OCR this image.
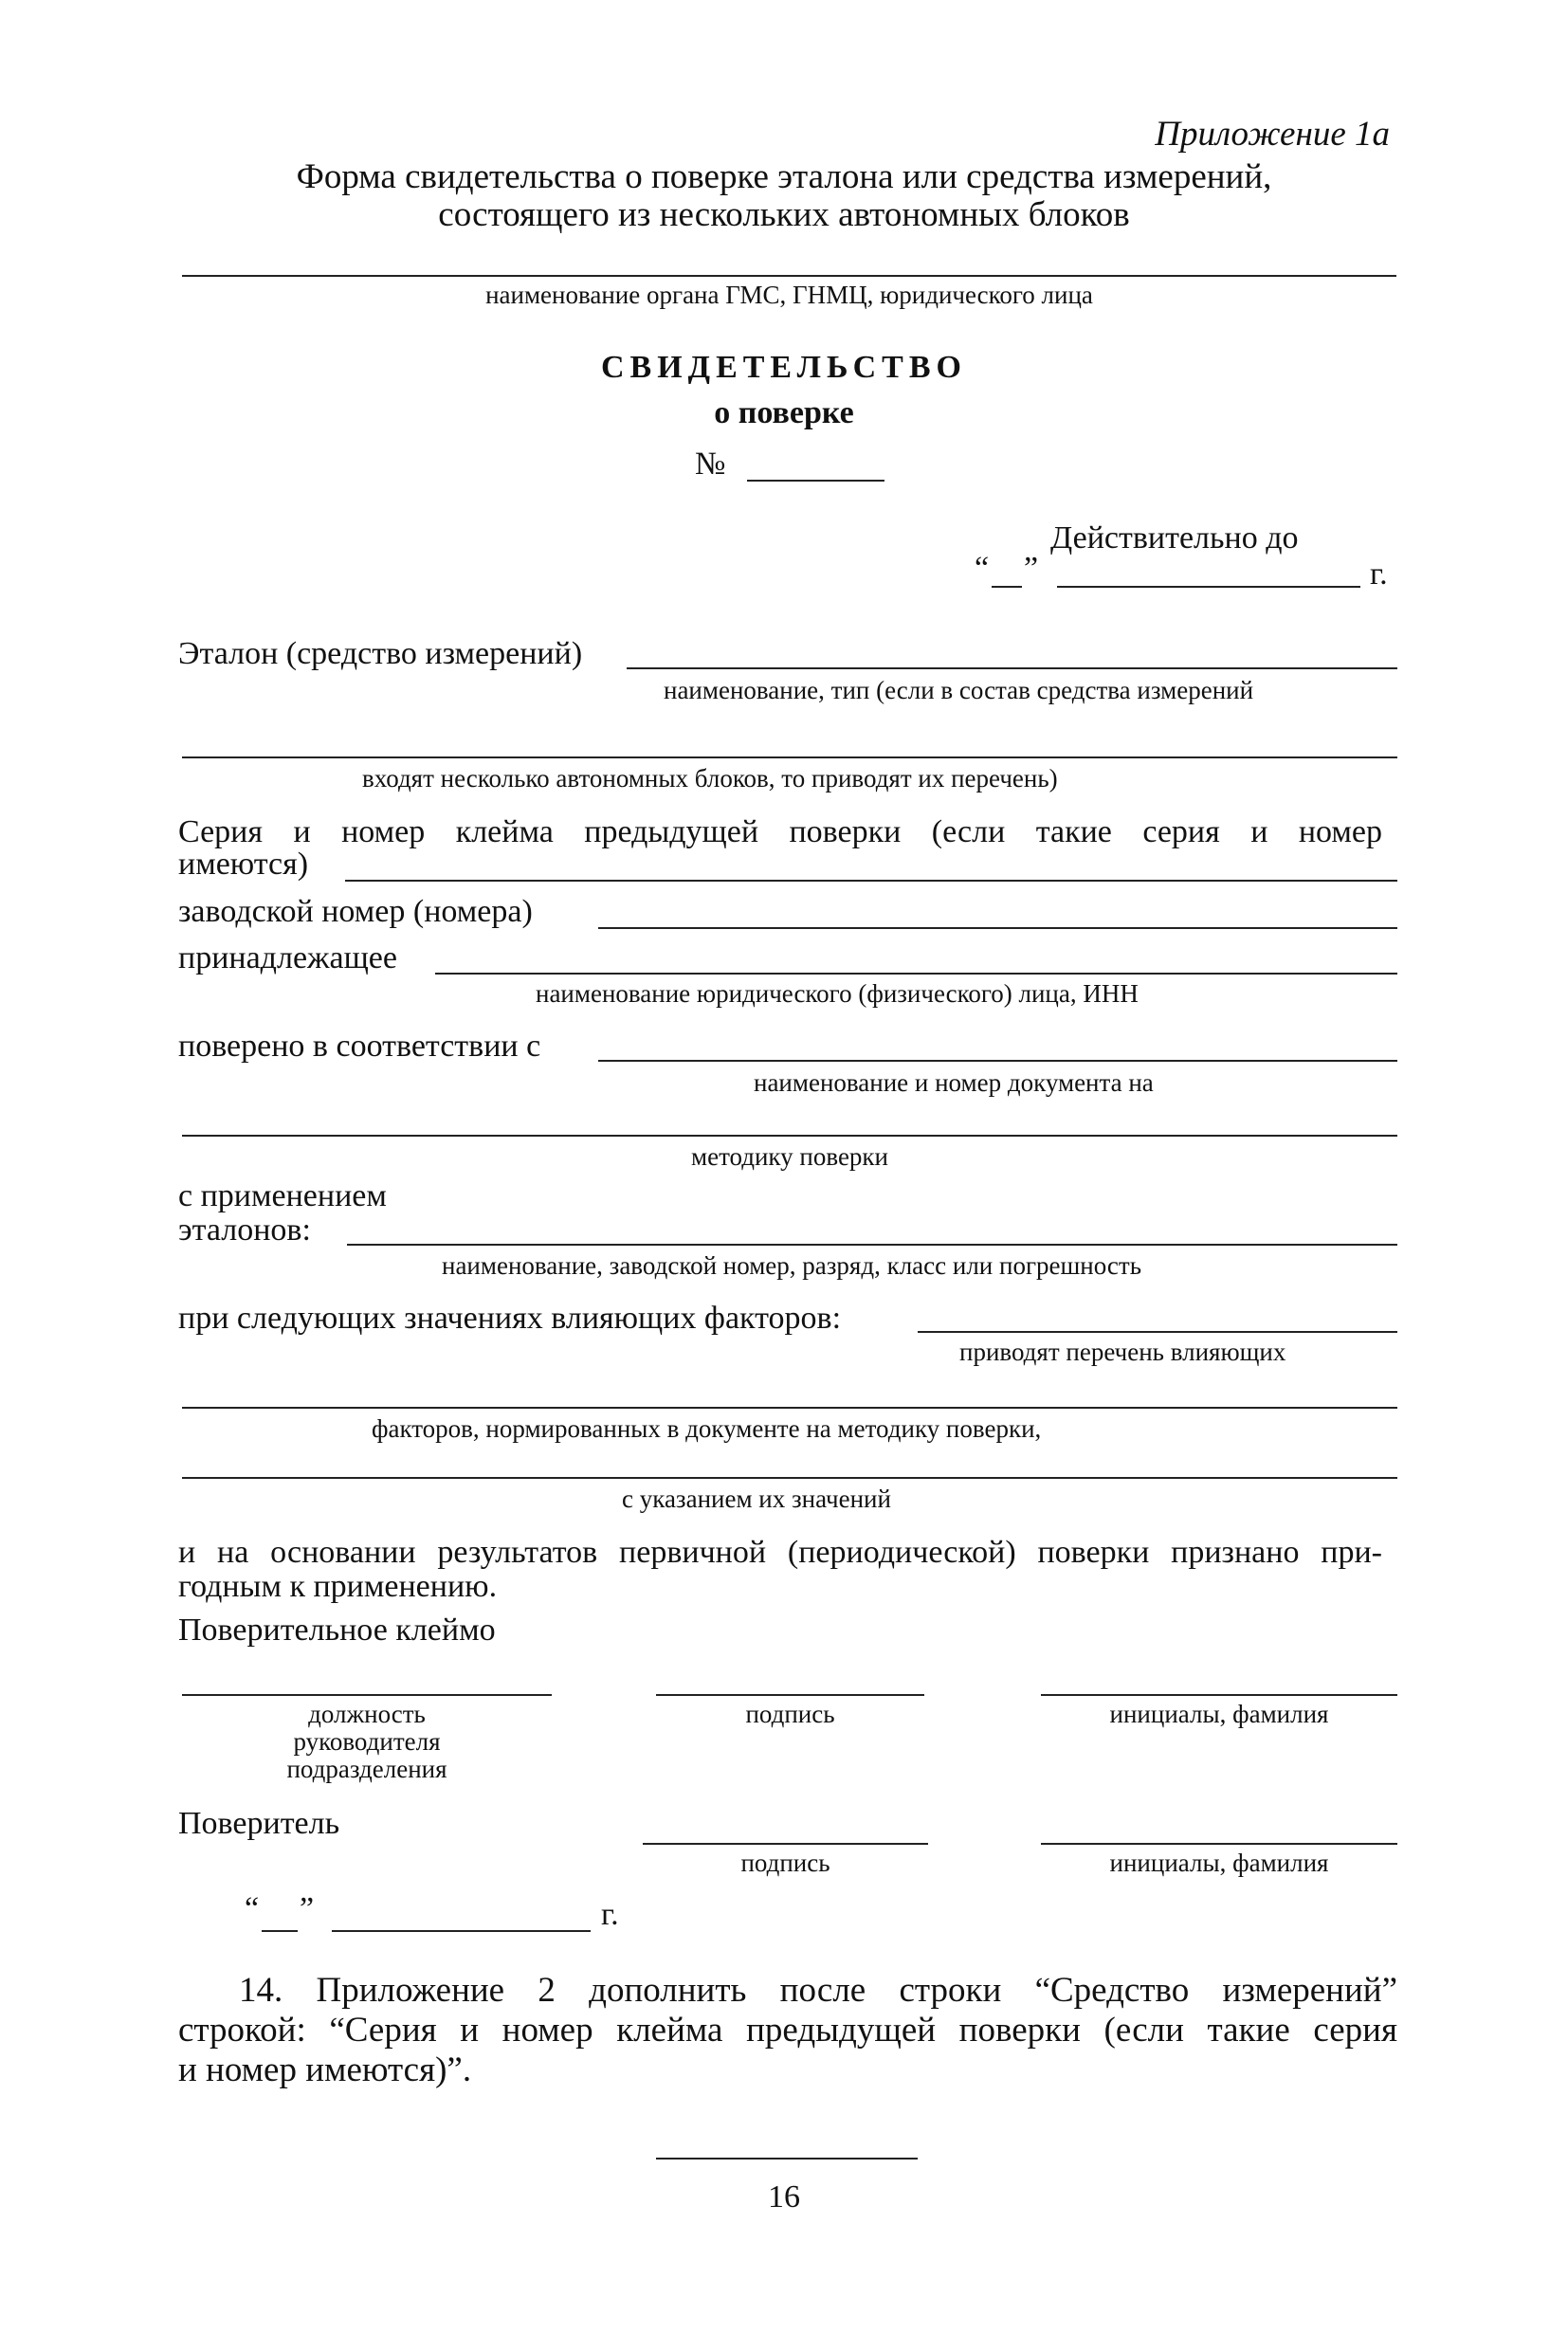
Приложение 1а
Форма свидетельства о поверке эталона или средства измерений,
состоящего из нескольких автономных блоков
наименование органа ГМС, ГНМЦ, юридического лица
СВИДЕТЕЛЬСТВО
о поверке
№
Действительно до
“ ”	г.
Эталон (средство измерений)
наименование, тип (если в состав средства измерений
входят несколько автономных блоков, то приводят их перечень)
Серия и номер клейма предыдущей поверки (если такие серия и номер
имеются)
заводской номер (номера)
принадлежащее
наименование юридического (физического) лица, ИНН
поверено в соответствии с
наименование и номер документа на
методику поверки
с применением
эталонов:
наименование, заводской номер, разряд, класс или погрешность
при следующих значениях влияющих факторов:
приводят перечень влияющих
факторов, нормированных в документе на методику поверки,
с указанием их значений
и на основании результатов первичной (периодической) поверки признано при-
годным к применению.
Поверительное клеймо
должность
руководителя
подразделения
подпись	инициалы, фамилия
Поверитель
подпись	инициалы, фамилия
“ ”	г.
14. Приложение 2 дополнить после строки “Средство измерений”
строкой: “Серия и номер клейма предыдущей поверки (если такие серия
и номер имеются)”.
16
